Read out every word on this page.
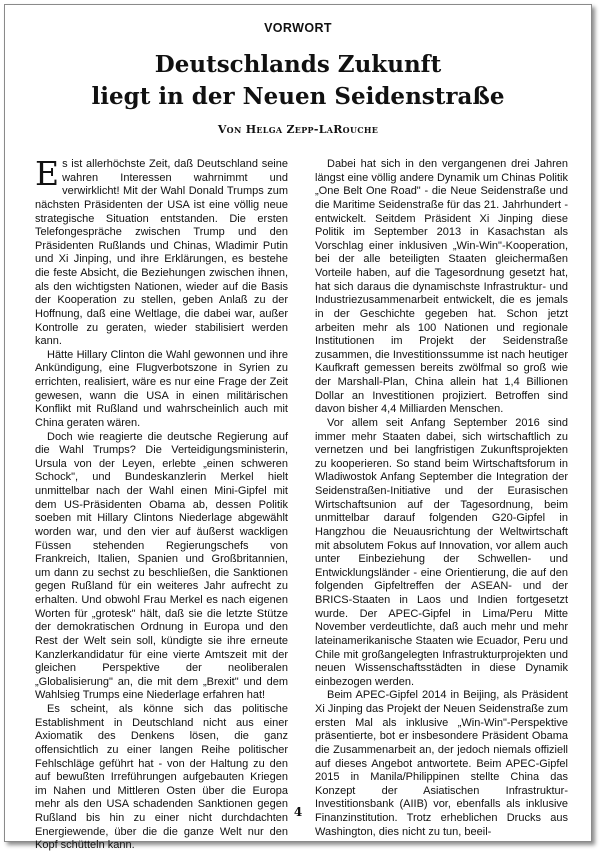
VORWORT
Deutschlands Zukunft
liegt in der Neuen Seidenstraße
Von Helga Zepp-LaRouche

Es ist allerhöchste Zeit, daß Deutschland seine wahren Interessen wahrnimmt und verwirklicht! Mit der Wahl Donald Trumps zum nächsten Präsidenten der USA ist eine völlig neue strategische Situation entstanden. Die ersten Telefongespräche zwischen Trump und den Präsidenten Rußlands und Chinas, Wladimir Putin und Xi Jinping, und ihre Erklärungen, es bestehe die feste Absicht, die Beziehungen zwischen ihnen, als den wichtigsten Nationen, wieder auf die Basis der Kooperation zu stellen, geben Anlaß zu der Hoffnung, daß eine Weltlage, die dabei war, außer Kontrolle zu geraten, wieder stabilisiert werden kann.

Hätte Hillary Clinton die Wahl gewonnen und ihre Ankündigung, eine Flugverbotszone in Syrien zu errichten, realisiert, wäre es nur eine Frage der Zeit gewesen, wann die USA in einen militärischen Konflikt mit Rußland und wahrscheinlich auch mit China geraten wären.

Doch wie reagierte die deutsche Regierung auf die Wahl Trumps? Die Verteidigungsministerin, Ursula von der Leyen, erlebte „einen schweren Schock", und Bundeskanzlerin Merkel hielt unmittelbar nach der Wahl einen Mini-Gipfel mit dem US-Präsidenten Obama ab, dessen Politik soeben mit Hillary Clintons Niederlage abgewählt worden war, und den vier auf äußerst wackligen Füssen stehenden Regierungschefs von Frankreich, Italien, Spanien und Großbritannien, um dann zu sechst zu beschließen, die Sanktionen gegen Rußland für ein weiteres Jahr aufrecht zu erhalten. Und obwohl Frau Merkel es nach eigenen Worten für „grotesk" hält, daß sie die letzte Stütze der demokratischen Ordnung in Europa und den Rest der Welt sein soll, kündigte sie ihre erneute Kanzlerkandidatur für eine vierte Amtszeit mit der gleichen Perspektive der neoliberalen „Globalisierung" an, die mit dem „Brexit" und dem Wahlsieg Trumps eine Niederlage erfahren hat!

Es scheint, als könne sich das politische Establishment in Deutschland nicht aus einer Axiomatik des Denkens lösen, die ganz offensichtlich zu einer langen Reihe politischer Fehlschläge geführt hat - von der Haltung zu den auf bewußten Irreführungen aufgebauten Kriegen im Nahen und Mittleren Osten über die Europa mehr als den USA schadenden Sanktionen gegen Rußland bis hin zu einer nicht durchdachten Energiewende, über die die ganze Welt nur den Kopf schütteln kann.

Dabei hat sich in den vergangenen drei Jahren längst eine völlig andere Dynamik um Chinas Politik „One Belt One Road" - die Neue Seidenstraße und die Maritime Seidenstraße für das 21. Jahrhundert - entwickelt. Seitdem Präsident Xi Jinping diese Politik im September 2013 in Kasachstan als Vorschlag einer inklusiven „Win-Win"-Kooperation, bei der alle beteiligten Staaten gleichermaßen Vorteile haben, auf die Tagesordnung gesetzt hat, hat sich daraus die dynamischste Infrastruktur- und Industriezusammenarbeit entwickelt, die es jemals in der Geschichte gegeben hat. Schon jetzt arbeiten mehr als 100 Nationen und regionale Institutionen im Projekt der Seidenstraße zusammen, die Investitionssumme ist nach heutiger Kaufkraft gemessen bereits zwölfmal so groß wie der Marshall-Plan, China allein hat 1,4 Billionen Dollar an Investitionen projiziert. Betroffen sind davon bisher 4,4 Milliarden Menschen.

Vor allem seit Anfang September 2016 sind immer mehr Staaten dabei, sich wirtschaftlich zu vernetzen und bei langfristigen Zukunftsprojekten zu kooperieren. So stand beim Wirtschaftsforum in Wladiwostok Anfang September die Integration der Seidenstraßen-Initiative und der Eurasischen Wirtschaftsunion auf der Tagesordnung, beim unmittelbar darauf folgenden G20-Gipfel in Hangzhou die Neuausrichtung der Weltwirtschaft mit absolutem Fokus auf Innovation, vor allem auch unter Einbeziehung der Schwellen- und Entwicklungsländer - eine Orientierung, die auf den folgenden Gipfeltreffen der ASEAN- und der BRICS-Staaten in Laos und Indien fortgesetzt wurde. Der APEC-Gipfel in Lima/Peru Mitte November verdeutlichte, daß auch mehr und mehr lateinamerikanische Staaten wie Ecuador, Peru und Chile mit großangelegten Infrastrukturprojekten und neuen Wissenschaftsstädten in diese Dynamik einbezogen werden.

Beim APEC-Gipfel 2014 in Beijing, als Präsident Xi Jinping das Projekt der Neuen Seidenstraße zum ersten Mal als inklusive „Win-Win"-Perspektive präsentierte, bot er insbesondere Präsident Obama die Zusammenarbeit an, der jedoch niemals offiziell auf dieses Angebot antwortete. Beim APEC-Gipfel 2015 in Manila/Philippinen stellte China das Konzept der Asiatischen Infrastruktur-Investitionsbank (AIIB) vor, ebenfalls als inklusive Finanzinstitution. Trotz erheblichen Drucks aus Washington, dies nicht zu tun, beeil-

4
